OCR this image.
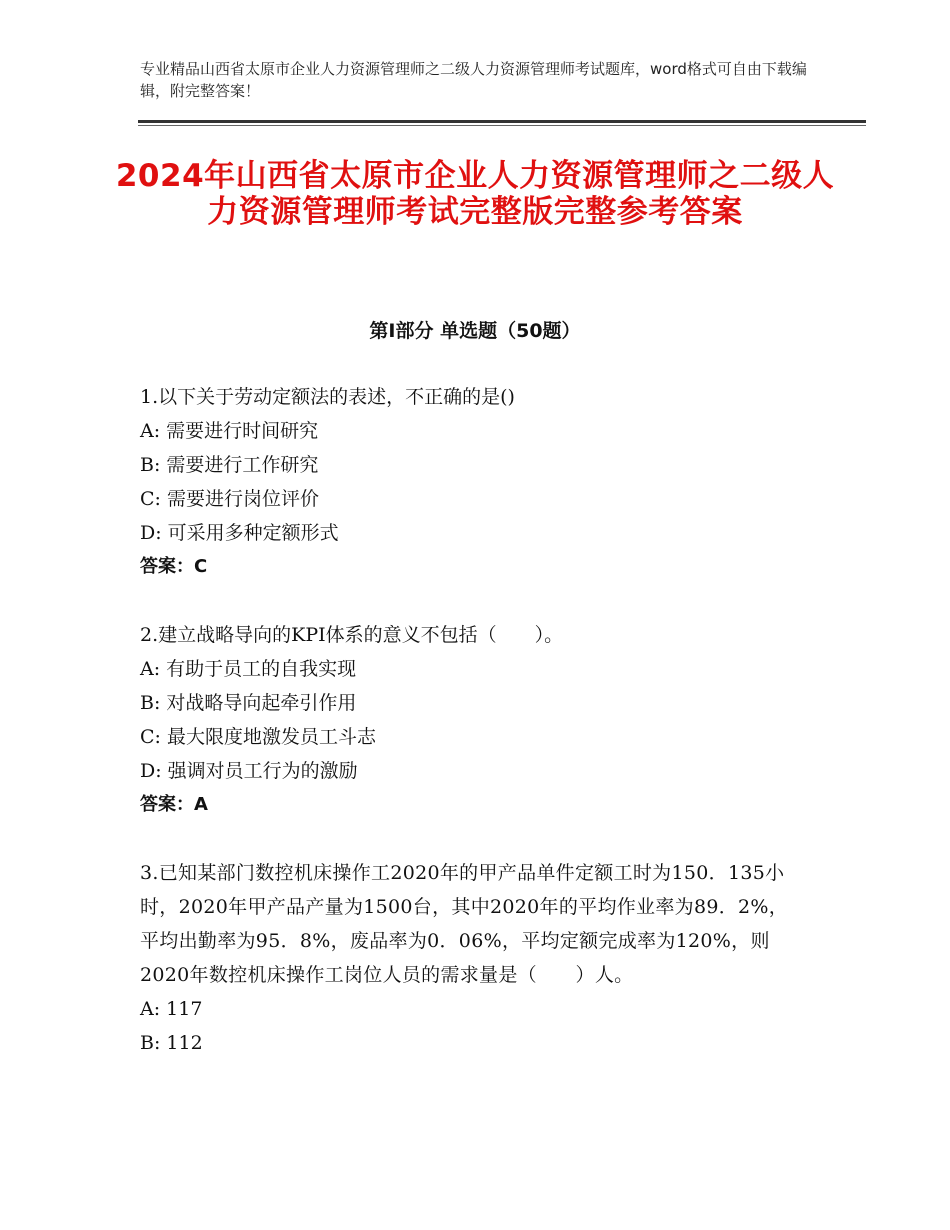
专业精品山西省太原市企业人力资源管理师之二级人力资源管理师考试题库，word格式可自由下载编辑，附完整答案！
2024年山西省太原市企业人力资源管理师之二级人力资源管理师考试完整版完整参考答案
第Ⅰ部分 单选题（50题）
1.以下关于劳动定额法的表述，不正确的是()
A: 需要进行时间研究
B: 需要进行工作研究
C: 需要进行岗位评价
D: 可采用多种定额形式
答案：C
2.建立战略导向的KPI体系的意义不包括（　　）。
A: 有助于员工的自我实现
B: 对战略导向起牵引作用
C: 最大限度地激发员工斗志
D: 强调对员工行为的激励
答案：A
3.已知某部门数控机床操作工2020年的甲产品单件定额工时为150．135小时，2020年甲产品产量为1500台，其中2020年的平均作业率为89．2%，平均出勤率为95．8%，废品率为0．06%，平均定额完成率为120%，则2020年数控机床操作工岗位人员的需求量是（　　）人。
A: 117
B: 112
